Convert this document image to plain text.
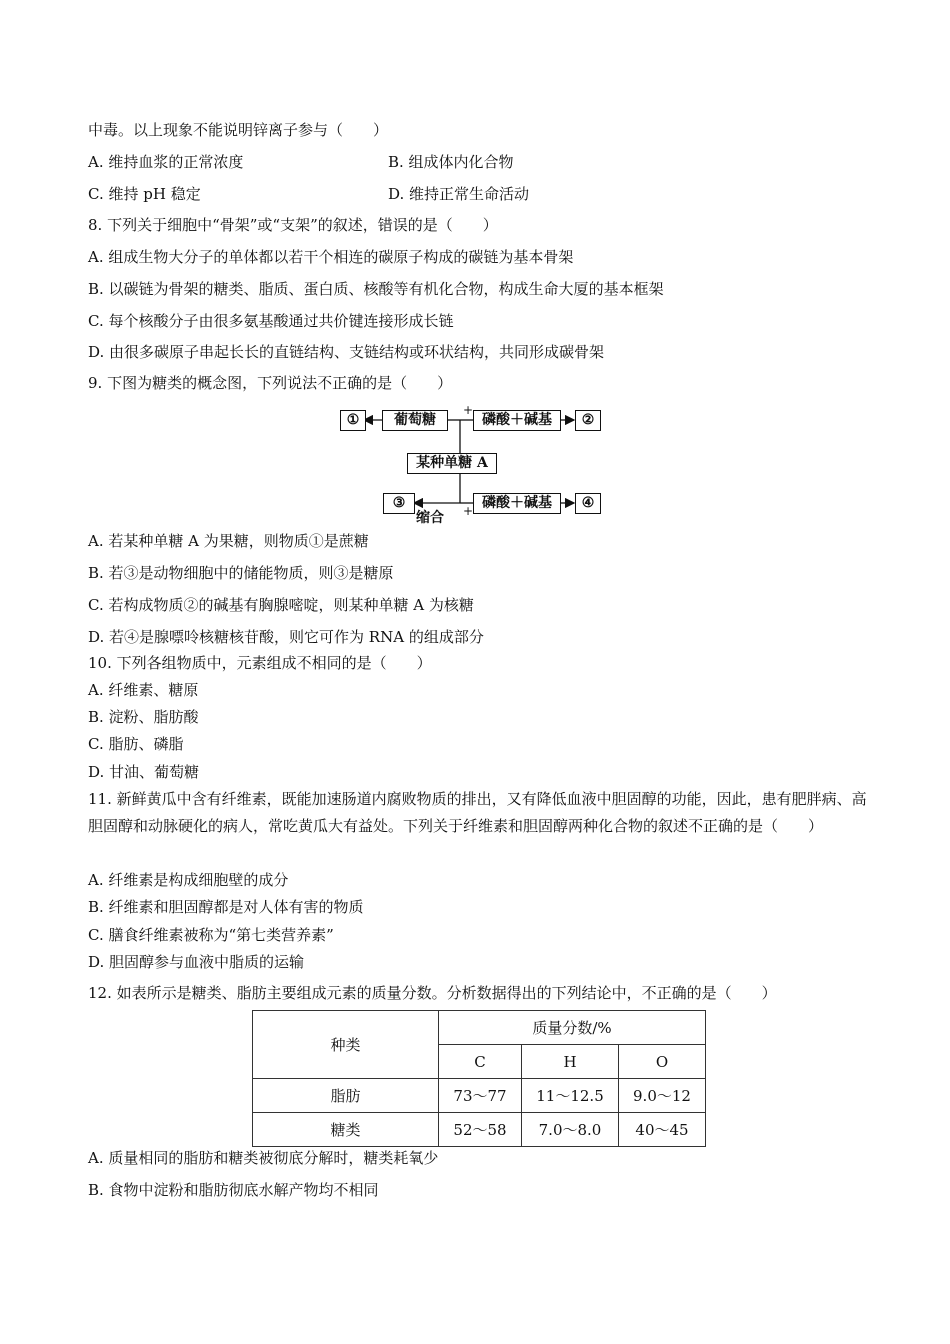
中毒。以上现象不能说明锌离子参与（　　）
A. 维持血浆的正常浓度	B. 组成体内化合物
C. 维持 pH 稳定	D. 维持正常生命活动
8. 下列关于细胞中“骨架”或“支架”的叙述，错误的是（　　）
A. 组成生物大分子的单体都以若干个相连的碳原子构成的碳链为基本骨架
B. 以碳链为骨架的糖类、脂质、蛋白质、核酸等有机化合物，构成生命大厦的基本框架
C. 每个核酸分子由很多氨基酸通过共价键连接形成长链
D. 由很多碳原子串起长长的直链结构、支链结构或环状结构，共同形成碳骨架
9. 下图为糖类的概念图，下列说法不正确的是（　　）
①	葡萄糖
+
磷酸＋碱基	②
某种单糖 A
③
缩合 + 磷酸＋碱基	④
A. 若某种单糖 A 为果糖，则物质①是蔗糖
B. 若③是动物细胞中的储能物质，则③是糖原
C. 若构成物质②的碱基有胸腺嘧啶，则某种单糖 A 为核糖
D. 若④是腺嘌呤核糖核苷酸，则它可作为 RNA 的组成部分
10. 下列各组物质中，元素组成不相同的是（　　）
A. 纤维素、糖原
B. 淀粉、脂肪酸
C. 脂肪、磷脂
D. 甘油、葡萄糖
11. 新鲜黄瓜中含有纤维素，既能加速肠道内腐败物质的排出，又有降低血液中胆固醇的功能，因此，患有肥胖病、高胆固醇和动脉硬化的病人，常吃黄瓜大有益处。下列关于纤维素和胆固醇两种化合物的叙述不正确的是（　　）
A. 纤维素是构成细胞壁的成分
B. 纤维素和胆固醇都是对人体有害的物质
C. 膳食纤维素被称为“第七类营养素”
D. 胆固醇参与血液中脂质的运输
12. 如表所示是糖类、脂肪主要组成元素的质量分数。分析数据得出的下列结论中，不正确的是（　　）
种类	质量分数/%		
	C	H	O
脂肪	73～77	11～12.5	9.0～12
糖类	52～58	7.0～8.0	40～45
A. 质量相同的脂肪和糖类被彻底分解时，糖类耗氧少
B. 食物中淀粉和脂肪彻底水解产物均不相同
